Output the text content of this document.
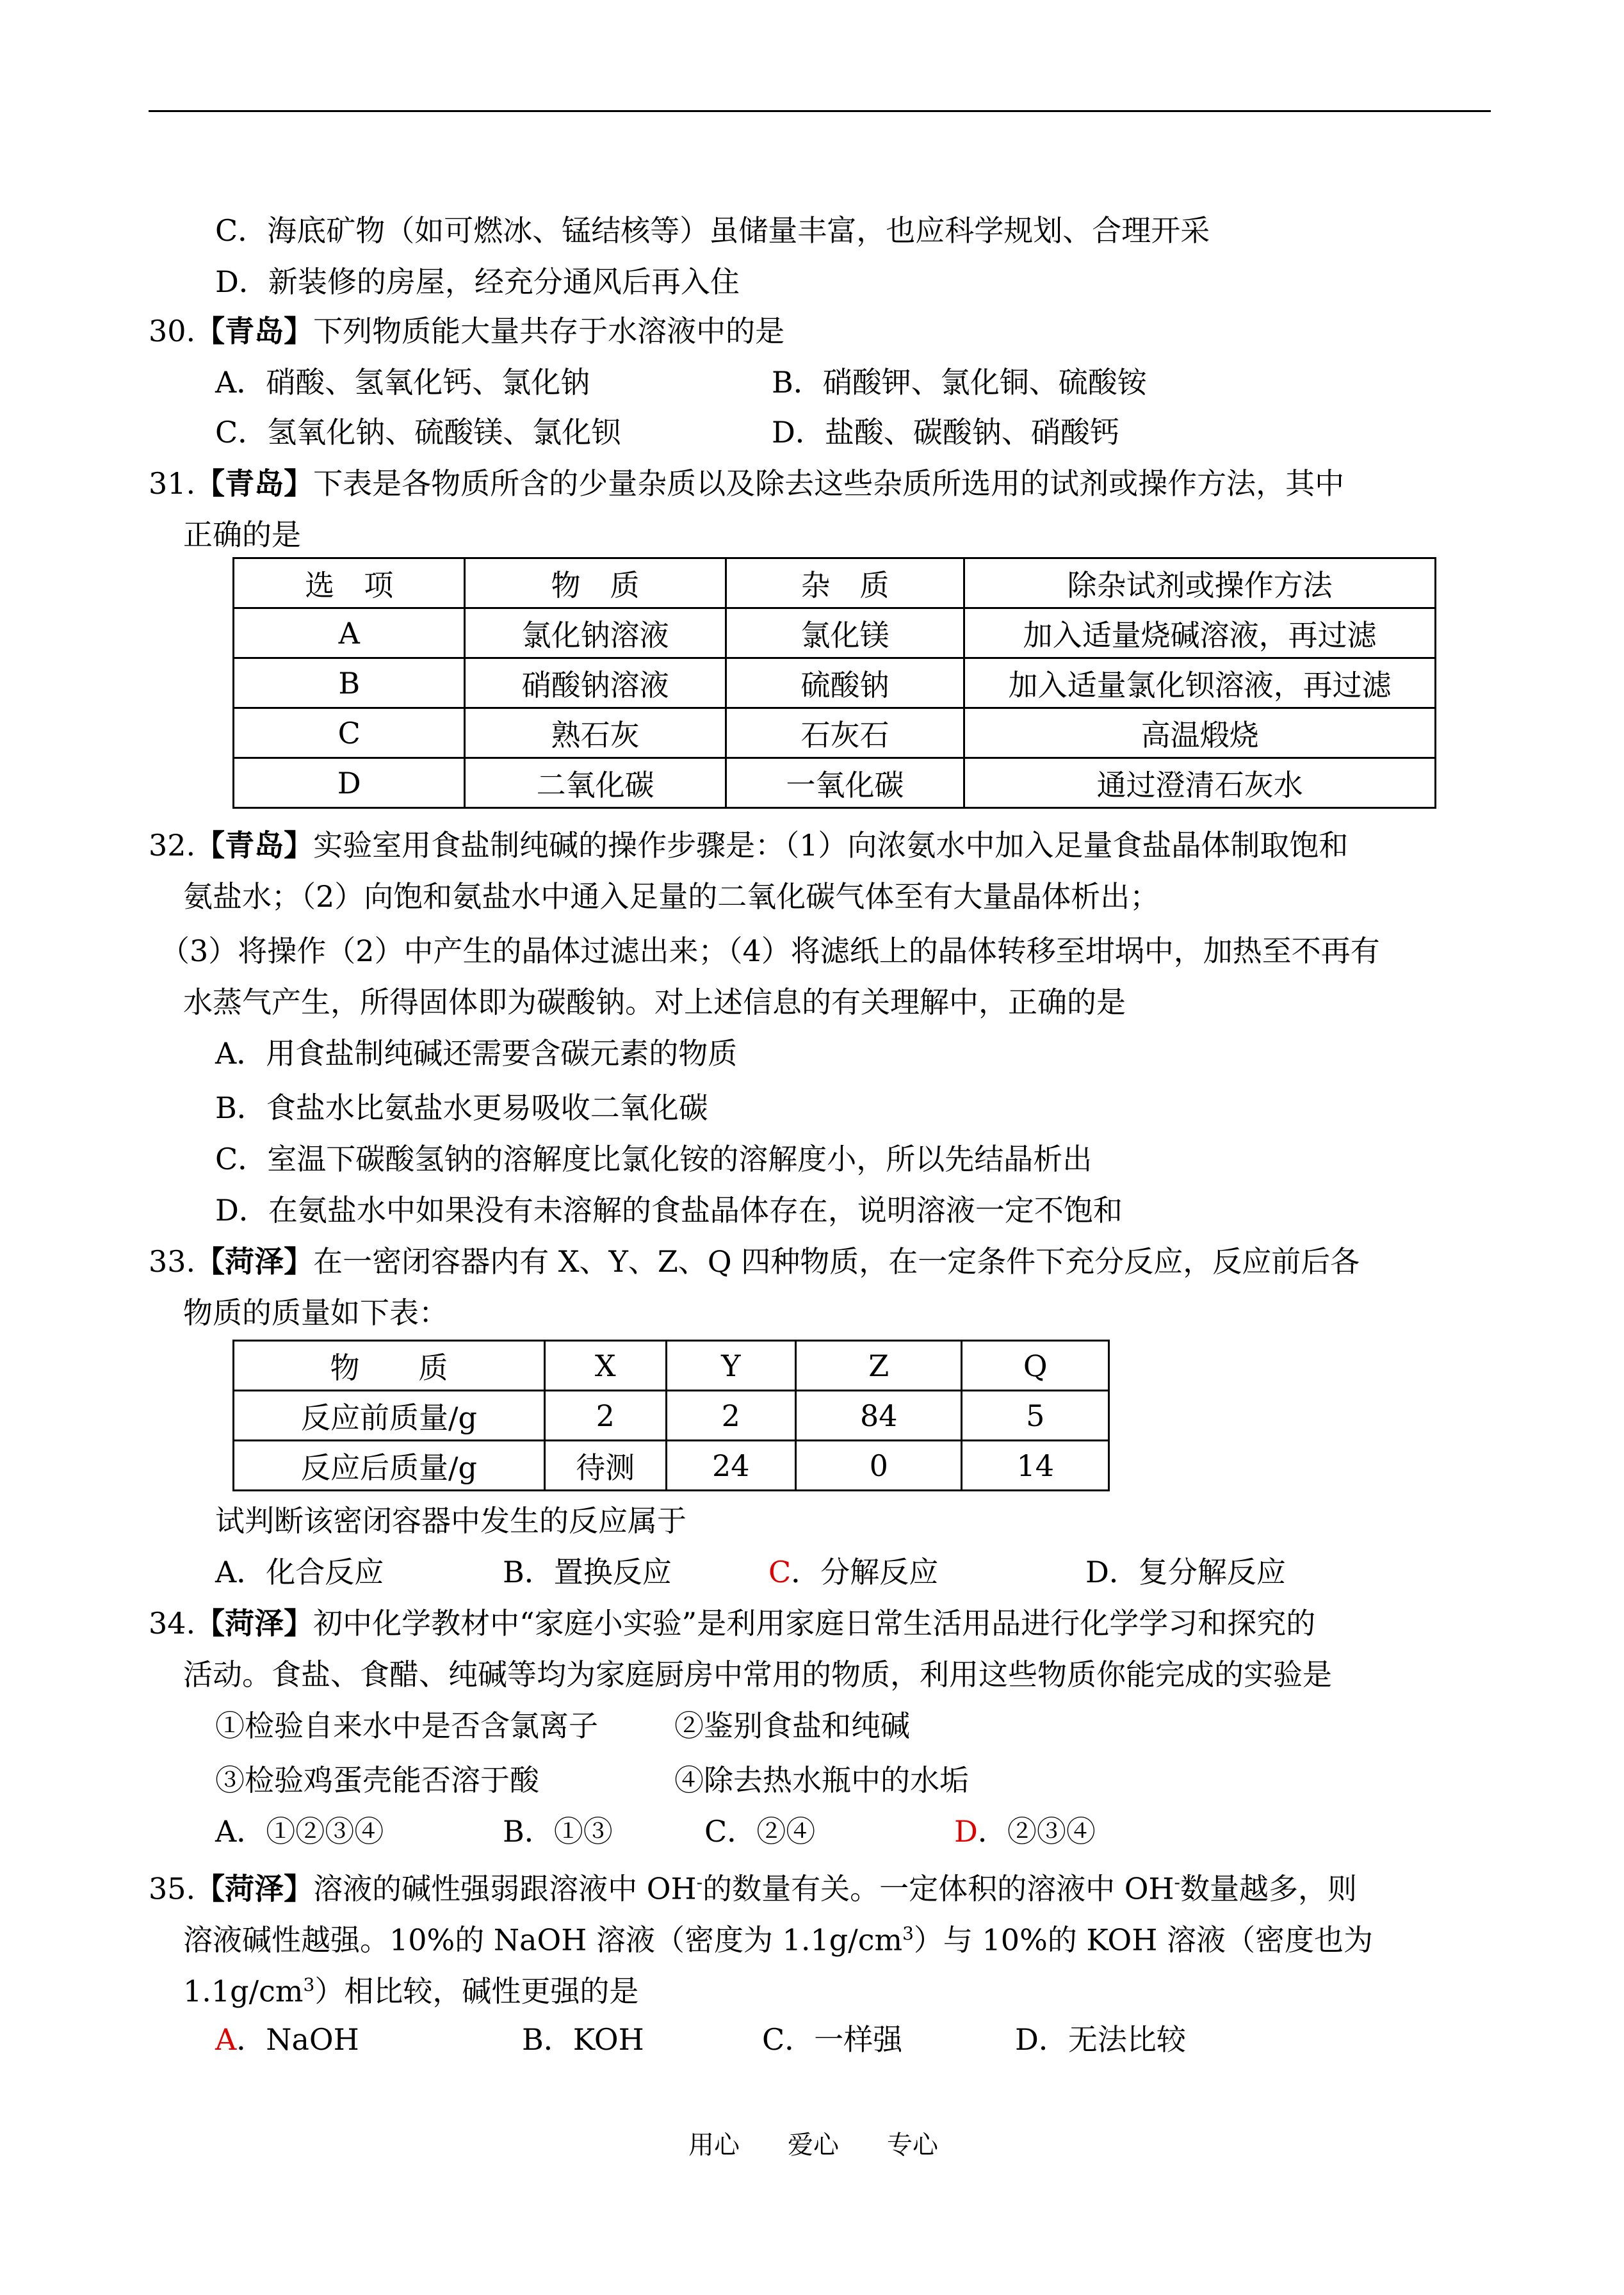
C．海底矿物（如可燃冰、锰结核等）虽储量丰富，也应科学规划、合理开采
D．新装修的房屋，经充分通风后再入住
30.【青岛】下列物质能大量共存于水溶液中的是
A．硝酸、氢氧化钙、氯化钠	B．硝酸钾、氯化铜、硫酸铵
C．氢氧化钠、硫酸镁、氯化钡	D．盐酸、碳酸钠、硝酸钙
31.【青岛】下表是各物质所含的少量杂质以及除去这些杂质所选用的试剂或操作方法，其中
正确的是
选　项	物　质	杂　质	除杂试剂或操作方法
A	氯化钠溶液	氯化镁	加入适量烧碱溶液，再过滤
B	硝酸钠溶液	硫酸钠	加入适量氯化钡溶液，再过滤
C	熟石灰	石灰石	高温煅烧
D	二氧化碳	一氧化碳	通过澄清石灰水
32.【青岛】实验室用食盐制纯碱的操作步骤是：（1）向浓氨水中加入足量食盐晶体制取饱和
氨盐水；（2）向饱和氨盐水中通入足量的二氧化碳气体至有大量晶体析出；
（3）将操作（2）中产生的晶体过滤出来；（4）将滤纸上的晶体转移至坩埚中，加热至不再有
水蒸气产生，所得固体即为碳酸钠。对上述信息的有关理解中，正确的是
A．用食盐制纯碱还需要含碳元素的物质
B．食盐水比氨盐水更易吸收二氧化碳
C．室温下碳酸氢钠的溶解度比氯化铵的溶解度小，所以先结晶析出
D．在氨盐水中如果没有未溶解的食盐晶体存在，说明溶液一定不饱和
33.【菏泽】在一密闭容器内有 X、Y、Z、Q 四种物质，在一定条件下充分反应，反应前后各
物质的质量如下表：
物　　质	X	Y	Z	Q
反应前质量/g	2	2	84	5
反应后质量/g	待测	24	0	14
试判断该密闭容器中发生的反应属于
A．化合反应	B．置换反应	C．分解反应	D．复分解反应
34.【菏泽】初中化学教材中“家庭小实验”是利用家庭日常生活用品进行化学学习和探究的
活动。食盐、食醋、纯碱等均为家庭厨房中常用的物质，利用这些物质你能完成的实验是
①检验自来水中是否含氯离子	②鉴别食盐和纯碱
③检验鸡蛋壳能否溶于酸	④除去热水瓶中的水垢
A．①②③④	B．①③	C．②④	D．②③④
35.【菏泽】溶液的碱性强弱跟溶液中 OH-的数量有关。一定体积的溶液中 OH-数量越多，则
溶液碱性越强。10%的 NaOH 溶液（密度为 $1.1g/cm^3$）与 10%的 KOH 溶液（密度也为
$1.1g/cm^3$）相比较，碱性更强的是
A．NaOH	B．KOH	C．一样强	D．无法比较
用心 爱心 专心
